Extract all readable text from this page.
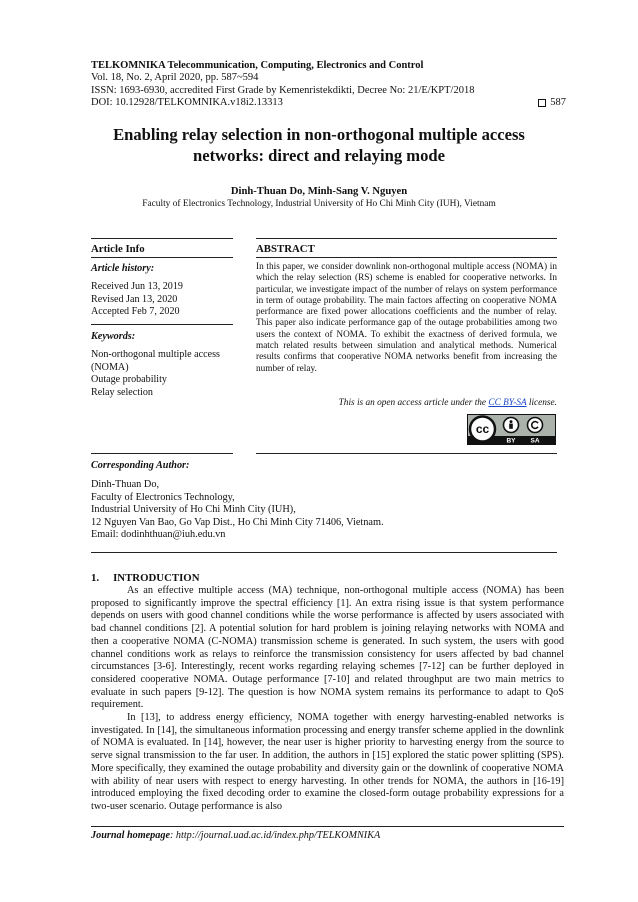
TELKOMNIKA Telecommunication, Computing, Electronics and Control
Vol. 18, No. 2, April 2020, pp. 587~594
ISSN: 1693-6930, accredited First Grade by Kemenristekdikti, Decree No: 21/E/KPT/2018
DOI: 10.12928/TELKOMNIKA.v18i2.13313	587
Enabling relay selection in non-orthogonal multiple access
networks: direct and relaying mode
Dinh-Thuan Do, Minh-Sang V. Nguyen
Faculty of Electronics Technology, Industrial University of Ho Chi Minh City (IUH), Vietnam
Article Info
Article history:
Received Jun 13, 2019
Revised Jan 13, 2020
Accepted Feb 7, 2020
Keywords:
Non-orthogonal multiple access
(NOMA)
Outage probability
Relay selection
ABSTRACT
In this paper, we consider downlink non-orthogonal multiple access (NOMA) in which the relay selection (RS) scheme is enabled for cooperative networks. In particular, we investigate impact of the number of relays on system performance in term of outage probability. The main factors affecting on cooperative NOMA performance are fixed power allocations coefficients and the number of relay. This paper also indicate performance gap of the outage probabilities among two users the context of NOMA. To exhibit the exactness of derived formula, we match related results between simulation and analytical methods. Numerical results confirms that cooperative NOMA networks benefit from increasing the number of relay.
This is an open access article under the CC BY-SA license.
cc
BY SA
Corresponding Author:
Dinh-Thuan Do,
Faculty of Electronics Technology,
Industrial University of Ho Chi Minh City (IUH),
12 Nguyen Van Bao, Go Vap Dist., Ho Chi Minh City 71406, Vietnam.
Email: dodinhthuan@iuh.edu.vn
1. INTRODUCTION

As an effective multiple access (MA) technique, non-orthogonal multiple access (NOMA) has been proposed to significantly improve the spectral efficiency [1]. An extra rising issue is that system performance depends on users with good channel conditions while the worse performance is affected by users associated with bad channel conditions [2]. A potential solution for hard problem is joining relaying networks with NOMA and then a cooperative NOMA (C-NOMA) transmission scheme is generated. In such system, the users with good channel conditions work as relays to reinforce the transmission consistency for users affected by bad channel circumstances [3-6]. Interestingly, recent works regarding relaying schemes [7-12] can be further deployed in considered cooperative NOMA. Outage performance [7-10] and related throughput are two main metrics to evaluate in such papers [9-12]. The question is how NOMA system remains its performance to adapt to QoS requirement.

In [13], to address energy efficiency, NOMA together with energy harvesting-enabled networks is investigated. In [14], the simultaneous information processing and energy transfer scheme applied in the downlink of NOMA is evaluated. In [14], however, the near user is higher priority to harvesting energy from the source to serve signal transmission to the far user. In addition, the authors in [15] explored the static power splitting (SPS). More specifically, they examined the outage probability and diversity gain or the downlink of cooperative NOMA with ability of near users with respect to energy harvesting. In other trends for NOMA, the authors in [16-19] introduced employing the fixed decoding order to examine the closed-form outage probability expressions for a two-user scenario. Outage performance is also

Journal homepage: http://journal.uad.ac.id/index.php/TELKOMNIKA
